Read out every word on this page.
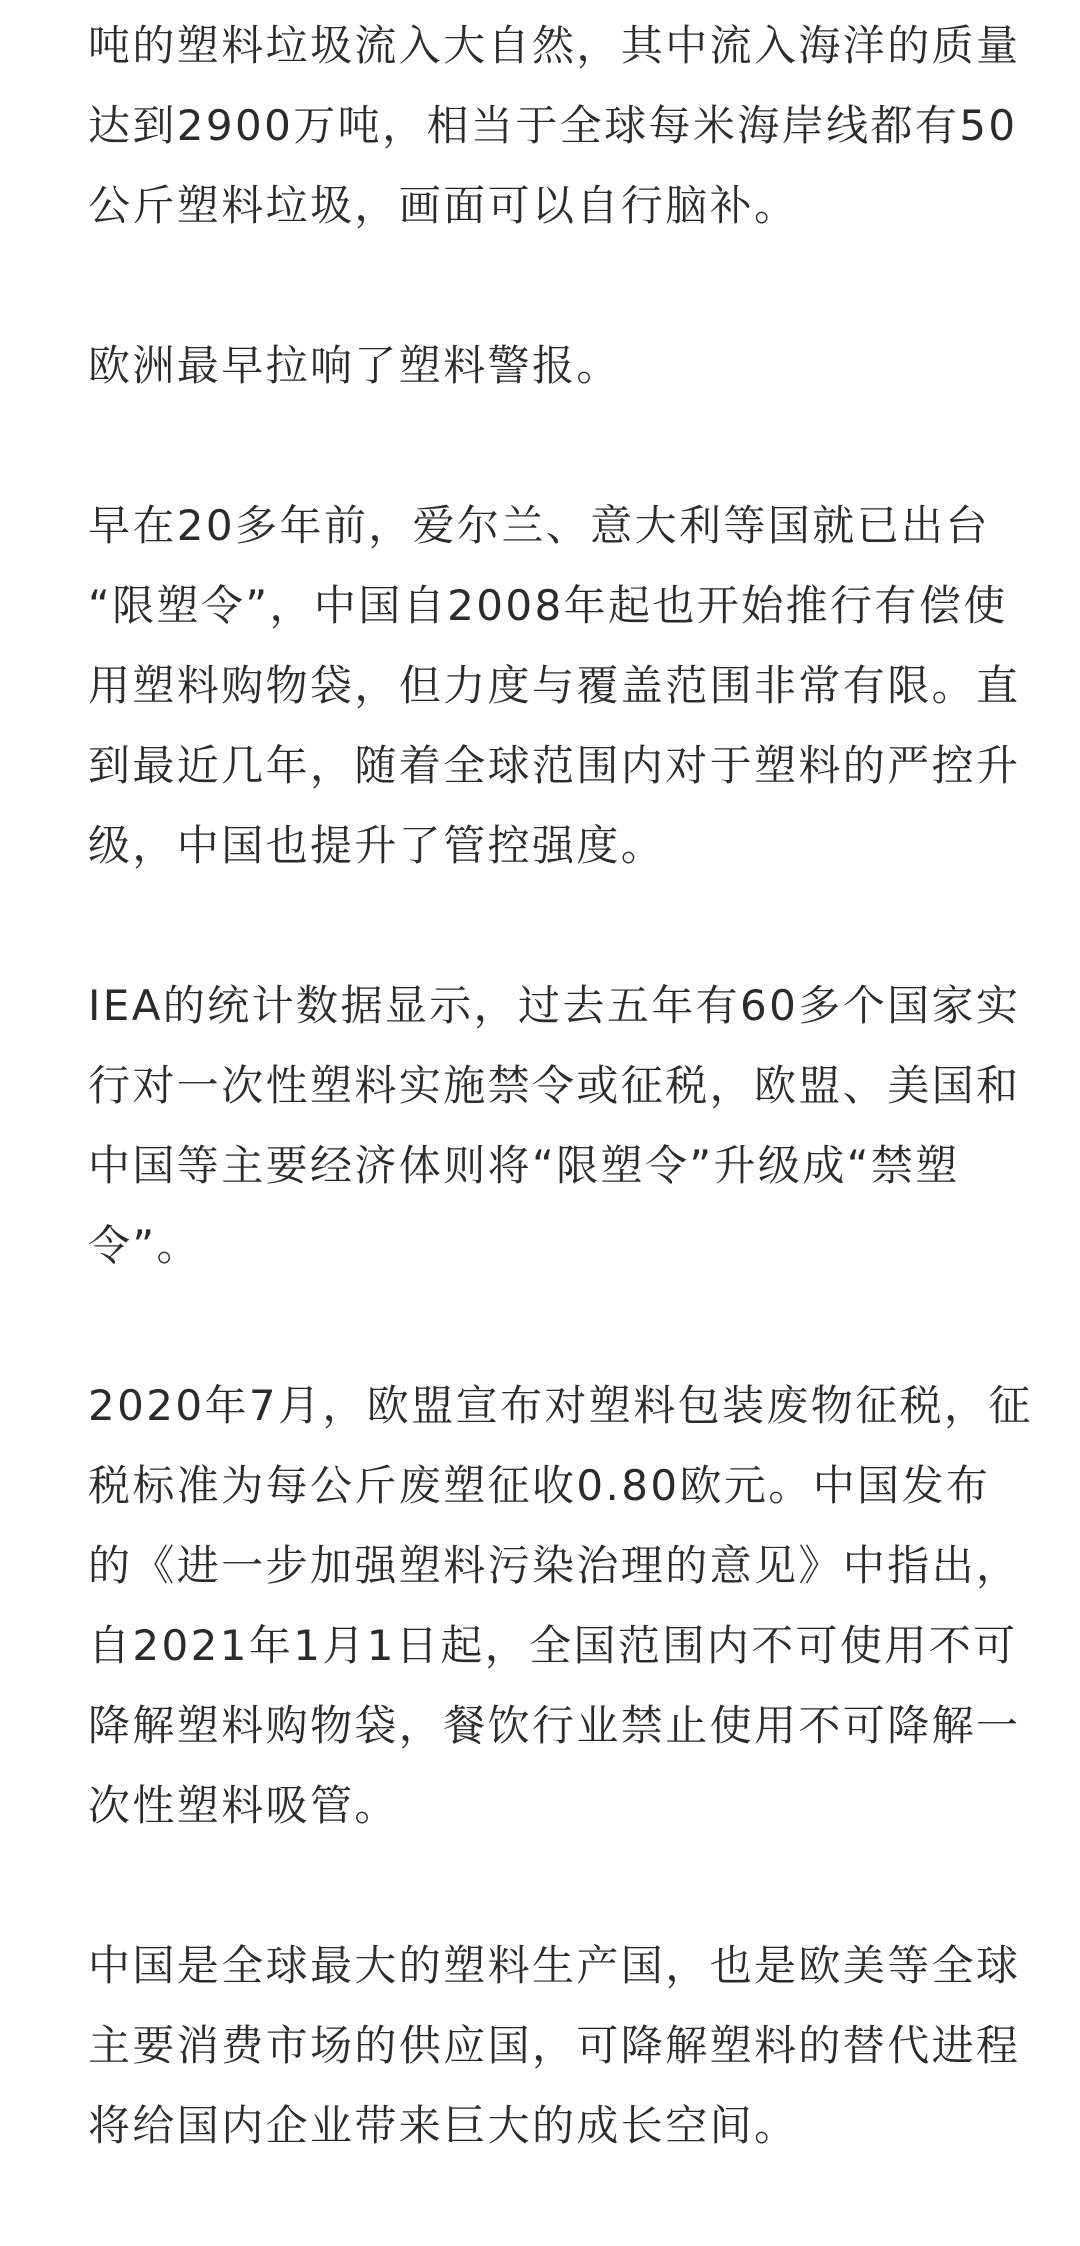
吨的塑料垃圾流入大自然，其中流入海洋的质量
达到2900万吨，相当于全球每米海岸线都有50
公斤塑料垃圾，画面可以自行脑补。

欧洲最早拉响了塑料警报。

早在20多年前，爱尔兰、意大利等国就已出台
“限塑令”，中国自2008年起也开始推行有偿使
用塑料购物袋，但力度与覆盖范围非常有限。直
到最近几年，随着全球范围内对于塑料的严控升
级，中国也提升了管控强度。

IEA的统计数据显示，过去五年有60多个国家实
行对一次性塑料实施禁令或征税，欧盟、美国和
中国等主要经济体则将“限塑令”升级成“禁塑
令”。

2020年7月，欧盟宣布对塑料包装废物征税，征
税标准为每公斤废塑征收0.80欧元。中国发布
的《进一步加强塑料污染治理的意见》中指出，
自2021年1月1日起，全国范围内不可使用不可
降解塑料购物袋，餐饮行业禁止使用不可降解一
次性塑料吸管。

中国是全球最大的塑料生产国，也是欧美等全球
主要消费市场的供应国，可降解塑料的替代进程
将给国内企业带来巨大的成长空间。
